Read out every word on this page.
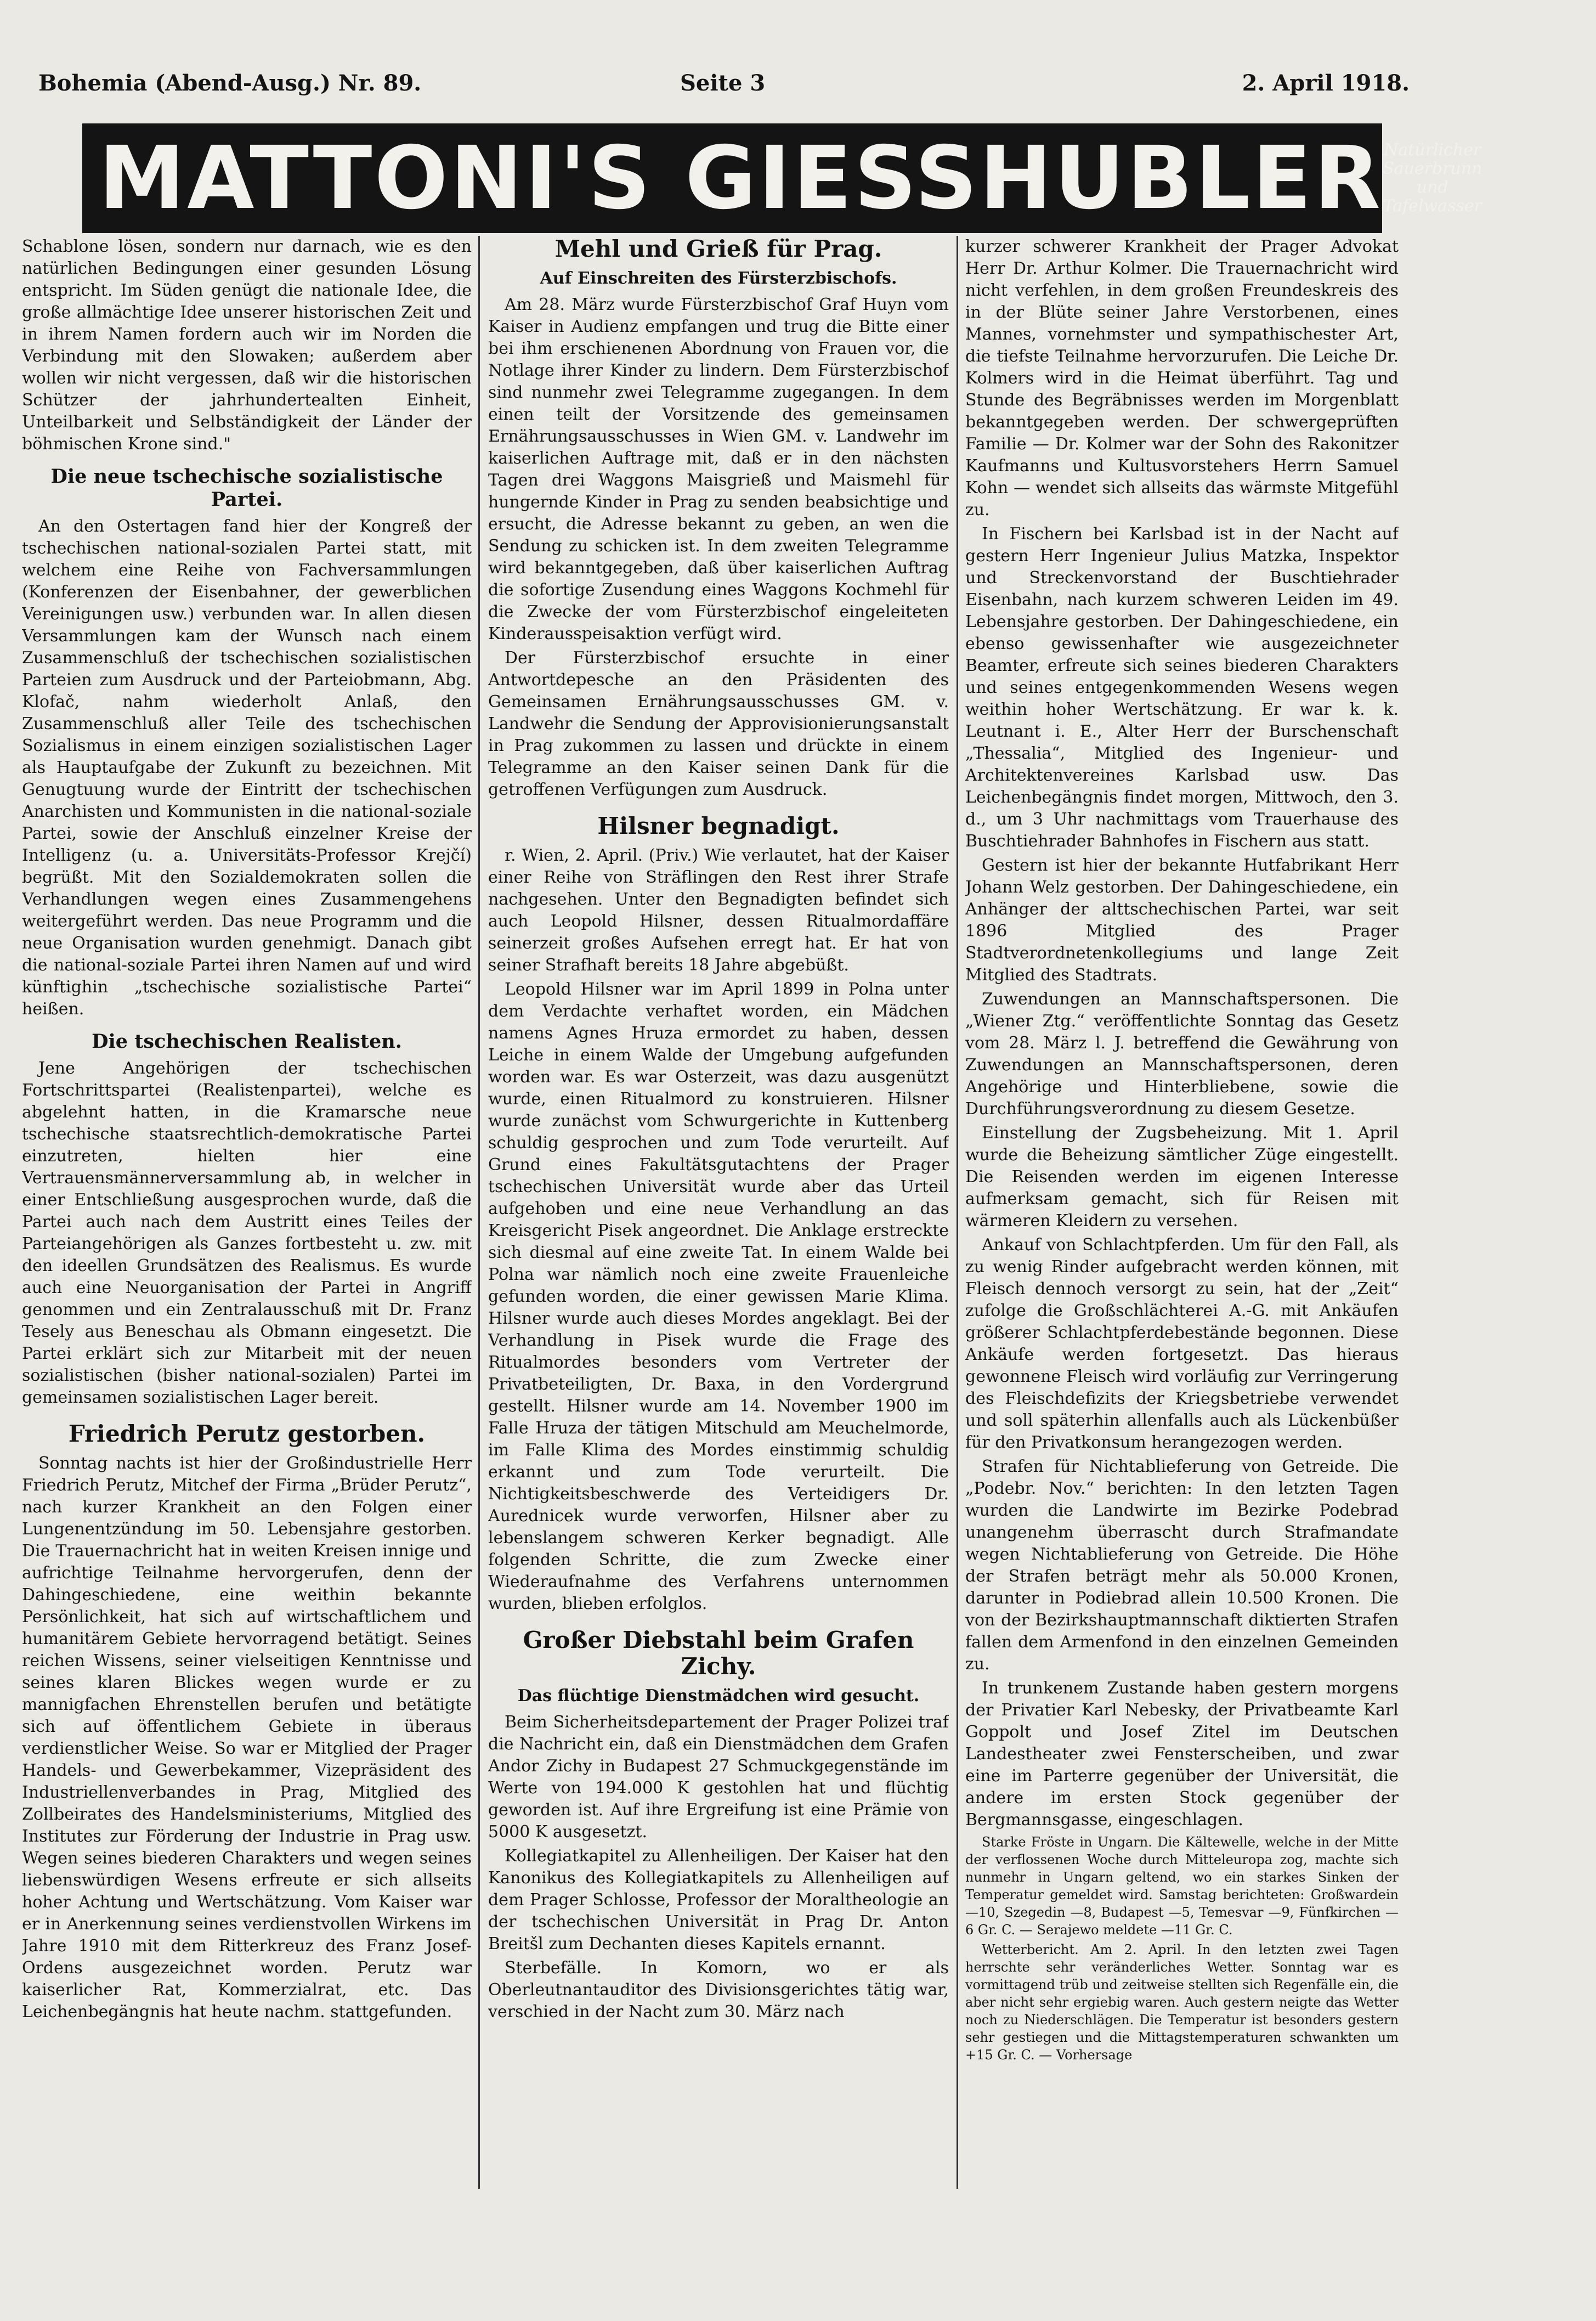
Bohemia (Abend-Ausg.) Nr. 89.	Seite 3	2. April 1918.
MATTONI'S GIESSHUBLER Natürlicher Sauerbrunn und Tafelwasser

Schablone lösen, sondern nur darnach, wie es den natürlichen Bedingungen einer gesunden Lösung entspricht. Im Süden genügt die nationale Idee, die große allmächtige Idee unserer historischen Zeit und in ihrem Namen fordern auch wir im Norden die Verbindung mit den Slowaken; außerdem aber wollen wir nicht vergessen, daß wir die historischen Schützer der jahrhundertealten Einheit, Unteilbarkeit und Selbständigkeit der Länder der böhmischen Krone sind."

Die neue tschechische sozialistische Partei.

An den Ostertagen fand hier der Kongreß der tschechischen national-sozialen Partei statt, mit welchem eine Reihe von Fachversammlungen (Konferenzen der Eisenbahner, der gewerblichen Vereinigungen usw.) verbunden war. In allen diesen Versammlungen kam der Wunsch nach einem Zusammenschluß der tschechischen sozialistischen Parteien zum Ausdruck und der Parteiobmann, Abg. Klofač, nahm wiederholt Anlaß, den Zusammenschluß aller Teile des tschechischen Sozialismus in einem einzigen sozialistischen Lager als Hauptaufgabe der Zukunft zu bezeichnen. Mit Genugtuung wurde der Eintritt der tschechischen Anarchisten und Kommunisten in die national-soziale Partei, sowie der Anschluß einzelner Kreise der Intelligenz (u. a. Universitäts-Professor Krejčí) begrüßt. Mit den Sozialdemokraten sollen die Verhandlungen wegen eines Zusammengehens weitergeführt werden. Das neue Programm und die neue Organisation wurden genehmigt. Danach gibt die national-soziale Partei ihren Namen auf und wird künftighin „tschechische sozialistische Partei“ heißen.

Die tschechischen Realisten.

Jene Angehörigen der tschechischen Fortschrittspartei (Realistenpartei), welche es abgelehnt hatten, in die Kramarsche neue tschechische staatsrechtlich-demokratische Partei einzutreten, hielten hier eine Vertrauensmännerversammlung ab, in welcher in einer Entschließung ausgesprochen wurde, daß die Partei auch nach dem Austritt eines Teiles der Parteiangehörigen als Ganzes fortbesteht u. zw. mit den ideellen Grundsätzen des Realismus. Es wurde auch eine Neuorganisation der Partei in Angriff genommen und ein Zentralausschuß mit Dr. Franz Tesely aus Beneschau als Obmann eingesetzt. Die Partei erklärt sich zur Mitarbeit mit der neuen sozialistischen (bisher national-sozialen) Partei im gemeinsamen sozialistischen Lager bereit.

Friedrich Perutz gestorben.

Sonntag nachts ist hier der Großindustrielle Herr Friedrich Perutz, Mitchef der Firma „Brüder Perutz“, nach kurzer Krankheit an den Folgen einer Lungenentzündung im 50. Lebensjahre gestorben. Die Trauernachricht hat in weiten Kreisen innige und aufrichtige Teilnahme hervorgerufen, denn der Dahingeschiedene, eine weithin bekannte Persönlichkeit, hat sich auf wirtschaftlichem und humanitärem Gebiete hervorragend betätigt. Seines reichen Wissens, seiner vielseitigen Kenntnisse und seines klaren Blickes wegen wurde er zu mannigfachen Ehrenstellen berufen und betätigte sich auf öffentlichem Gebiete in überaus verdienstlicher Weise. So war er Mitglied der Prager Handels- und Gewerbekammer, Vizepräsident des Industriellenverbandes in Prag, Mitglied des Zollbeirates des Handelsministeriums, Mitglied des Institutes zur Förderung der Industrie in Prag usw. Wegen seines biederen Charakters und wegen seines liebenswürdigen Wesens erfreute er sich allseits hoher Achtung und Wertschätzung. Vom Kaiser war er in Anerkennung seines verdienstvollen Wirkens im Jahre 1910 mit dem Ritterkreuz des Franz Josef-Ordens ausgezeichnet worden. Perutz war kaiserlicher Rat, Kommerzialrat, etc. Das Leichenbegängnis hat heute nachm. stattgefunden.

Mehl und Grieß für Prag.
Auf Einschreiten des Fürsterzbischofs.

Am 28. März wurde Fürsterzbischof Graf Huyn vom Kaiser in Audienz empfangen und trug die Bitte einer bei ihm erschienenen Abordnung von Frauen vor, die Notlage ihrer Kinder zu lindern. Dem Fürsterzbischof sind nunmehr zwei Telegramme zugegangen. In dem einen teilt der Vorsitzende des gemeinsamen Ernährungsausschusses in Wien GM. v. Landwehr im kaiserlichen Auftrage mit, daß er in den nächsten Tagen drei Waggons Maisgrieß und Maismehl für hungernde Kinder in Prag zu senden beabsichtige und ersucht, die Adresse bekannt zu geben, an wen die Sendung zu schicken ist. In dem zweiten Telegramme wird bekanntgegeben, daß über kaiserlichen Auftrag die sofortige Zusendung eines Waggons Kochmehl für die Zwecke der vom Fürsterzbischof eingeleiteten Kinderausspeisaktion verfügt wird.

Der Fürsterzbischof ersuchte in einer Antwortdepesche an den Präsidenten des Gemeinsamen Ernährungsausschusses GM. v. Landwehr die Sendung der Approvisionierungsanstalt in Prag zukommen zu lassen und drückte in einem Telegramme an den Kaiser seinen Dank für die getroffenen Verfügungen zum Ausdruck.

Hilsner begnadigt.

r. Wien, 2. April. (Priv.) Wie verlautet, hat der Kaiser einer Reihe von Sträflingen den Rest ihrer Strafe nachgesehen. Unter den Begnadigten befindet sich auch Leopold Hilsner, dessen Ritualmordaffäre seinerzeit großes Aufsehen erregt hat. Er hat von seiner Strafhaft bereits 18 Jahre abgebüßt.

Leopold Hilsner war im April 1899 in Polna unter dem Verdachte verhaftet worden, ein Mädchen namens Agnes Hruza ermordet zu haben, dessen Leiche in einem Walde der Umgebung aufgefunden worden war. Es war Osterzeit, was dazu ausgenützt wurde, einen Ritualmord zu konstruieren. Hilsner wurde zunächst vom Schwurgerichte in Kuttenberg schuldig gesprochen und zum Tode verurteilt. Auf Grund eines Fakultätsgutachtens der Prager tschechischen Universität wurde aber das Urteil aufgehoben und eine neue Verhandlung an das Kreisgericht Pisek angeordnet. Die Anklage erstreckte sich diesmal auf eine zweite Tat. In einem Walde bei Polna war nämlich noch eine zweite Frauenleiche gefunden worden, die einer gewissen Marie Klima. Hilsner wurde auch dieses Mordes angeklagt. Bei der Verhandlung in Pisek wurde die Frage des Ritualmordes besonders vom Vertreter der Privatbeteiligten, Dr. Baxa, in den Vordergrund gestellt. Hilsner wurde am 14. November 1900 im Falle Hruza der tätigen Mitschuld am Meuchelmorde, im Falle Klima des Mordes einstimmig schuldig erkannt und zum Tode verurteilt. Die Nichtigkeitsbeschwerde des Verteidigers Dr. Aurednicek wurde verworfen, Hilsner aber zu lebenslangem schweren Kerker begnadigt. Alle folgenden Schritte, die zum Zwecke einer Wiederaufnahme des Verfahrens unternommen wurden, blieben erfolglos.

Großer Diebstahl beim Grafen Zichy.
Das flüchtige Dienstmädchen wird gesucht.

Beim Sicherheitsdepartement der Prager Polizei traf die Nachricht ein, daß ein Dienstmädchen dem Grafen Andor Zichy in Budapest 27 Schmuckgegenstände im Werte von 194.000 K gestohlen hat und flüchtig geworden ist. Auf ihre Ergreifung ist eine Prämie von 5000 K ausgesetzt.

Kollegiatkapitel zu Allenheiligen. Der Kaiser hat den Kanonikus des Kollegiatkapitels zu Allenheiligen auf dem Prager Schlosse, Professor der Moraltheologie an der tschechischen Universität in Prag Dr. Anton Breitšl zum Dechanten dieses Kapitels ernannt.

Sterbefälle. In Komorn, wo er als Oberleutnantauditor des Divisionsgerichtes tätig war, verschied in der Nacht zum 30. März nach

kurzer schwerer Krankheit der Prager Advokat Herr Dr. Arthur Kolmer. Die Trauernachricht wird nicht verfehlen, in dem großen Freundeskreis des in der Blüte seiner Jahre Verstorbenen, eines Mannes, vornehmster und sympathischester Art, die tiefste Teilnahme hervorzurufen. Die Leiche Dr. Kolmers wird in die Heimat überführt. Tag und Stunde des Begräbnisses werden im Morgenblatt bekanntgegeben werden. Der schwergeprüften Familie — Dr. Kolmer war der Sohn des Rakonitzer Kaufmanns und Kultusvorstehers Herrn Samuel Kohn — wendet sich allseits das wärmste Mitgefühl zu.

In Fischern bei Karlsbad ist in der Nacht auf gestern Herr Ingenieur Julius Matzka, Inspektor und Streckenvorstand der Buschtiehrader Eisenbahn, nach kurzem schweren Leiden im 49. Lebensjahre gestorben. Der Dahingeschiedene, ein ebenso gewissenhafter wie ausgezeichneter Beamter, erfreute sich seines biederen Charakters und seines entgegenkommenden Wesens wegen weithin hoher Wertschätzung. Er war k. k. Leutnant i. E., Alter Herr der Burschenschaft „Thessalia“, Mitglied des Ingenieur- und Architektenvereines Karlsbad usw. Das Leichenbegängnis findet morgen, Mittwoch, den 3. d., um 3 Uhr nachmittags vom Trauerhause des Buschtiehrader Bahnhofes in Fischern aus statt.

Gestern ist hier der bekannte Hutfabrikant Herr Johann Welz gestorben. Der Dahingeschiedene, ein Anhänger der alttschechischen Partei, war seit 1896 Mitglied des Prager Stadtverordnetenkollegiums und lange Zeit Mitglied des Stadtrats.

Zuwendungen an Mannschaftspersonen. Die „Wiener Ztg.“ veröffentlichte Sonntag das Gesetz vom 28. März l. J. betreffend die Gewährung von Zuwendungen an Mannschaftspersonen, deren Angehörige und Hinterbliebene, sowie die Durchführungsverordnung zu diesem Gesetze.

Einstellung der Zugsbeheizung. Mit 1. April wurde die Beheizung sämtlicher Züge eingestellt. Die Reisenden werden im eigenen Interesse aufmerksam gemacht, sich für Reisen mit wärmeren Kleidern zu versehen.

Ankauf von Schlachtpferden. Um für den Fall, als zu wenig Rinder aufgebracht werden können, mit Fleisch dennoch versorgt zu sein, hat der „Zeit“ zufolge die Großschlächterei A.-G. mit Ankäufen größerer Schlachtpferdebestände begonnen. Diese Ankäufe werden fortgesetzt. Das hieraus gewonnene Fleisch wird vorläufig zur Verringerung des Fleischdefizits der Kriegsbetriebe verwendet und soll späterhin allenfalls auch als Lückenbüßer für den Privatkonsum herangezogen werden.

Strafen für Nichtablieferung von Getreide. Die „Podebr. Nov.“ berichten: In den letzten Tagen wurden die Landwirte im Bezirke Podebrad unangenehm überrascht durch Strafmandate wegen Nichtablieferung von Getreide. Die Höhe der Strafen beträgt mehr als 50.000 Kronen, darunter in Podiebrad allein 10.500 Kronen. Die von der Bezirkshauptmannschaft diktierten Strafen fallen dem Armenfond in den einzelnen Gemeinden zu.

In trunkenem Zustande haben gestern morgens der Privatier Karl Nebesky, der Privatbeamte Karl Goppolt und Josef Zitel im Deutschen Landestheater zwei Fensterscheiben, und zwar eine im Parterre gegenüber der Universität, die andere im ersten Stock gegenüber der Bergmannsgasse, eingeschlagen.

Starke Fröste in Ungarn. Die Kältewelle, welche in der Mitte der verflossenen Woche durch Mitteleuropa zog, machte sich nunmehr in Ungarn geltend, wo ein starkes Sinken der Temperatur gemeldet wird. Samstag berichteten: Großwardein —10, Szegedin —8, Budapest —5, Temesvar —9, Fünfkirchen —6 Gr. C. — Serajewo meldete —11 Gr. C.

Wetterbericht. Am 2. April. In den letzten zwei Tagen herrschte sehr veränderliches Wetter. Sonntag war es vormittagend trüb und zeitweise stellten sich Regenfälle ein, die aber nicht sehr ergiebig waren. Auch gestern neigte das Wetter noch zu Niederschlägen. Die Temperatur ist besonders gestern sehr gestiegen und die Mittagstemperaturen schwankten um +15 Gr. C. — Vorhersage
